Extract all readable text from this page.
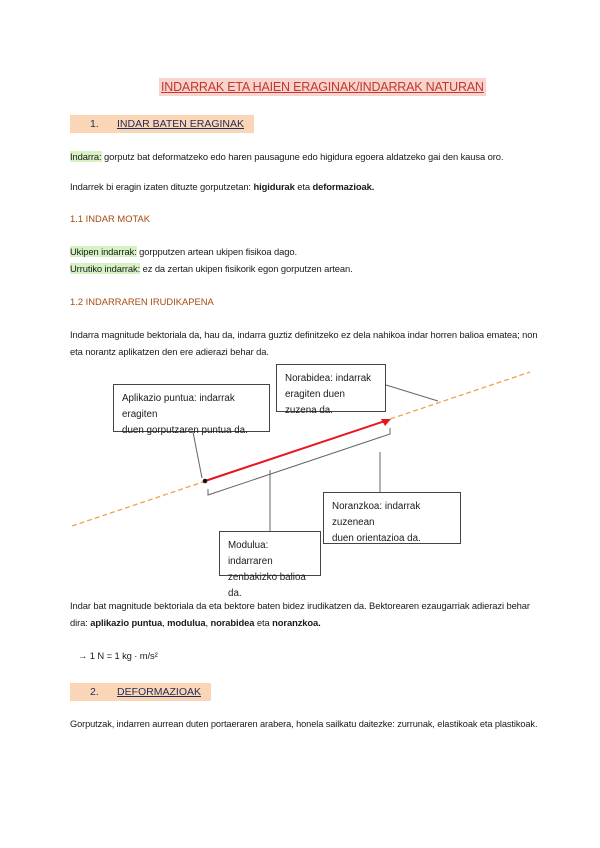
INDARRAK ETA HAIEN ERAGINAK/INDARRAK NATURAN
1. INDAR BATEN ERAGINAK
Indarra: gorputz bat deformatzeko edo haren pausagune edo higidura egoera aldatzeko gai den kausa oro.
Indarrek bi eragin izaten dituzte gorputzetan: higidurak eta deformazioak.
1.1 INDAR MOTAK
Ukipen indarrak: gorpputzen artean ukipen fisikoa dago.
Urrutiko indarrak: ez da zertan ukipen fisikorik egon gorputzen artean.
1.2 INDARRAREN IRUDIKAPENA
Indarra magnitude bektoriala da, hau da, indarra guztiz definitzeko ez dela nahikoa indar horren balioa ematea; non
eta norantz aplikatzen den ere adierazi behar da.
Aplikazio puntua: indarrak eragiten
duen gorputzaren puntua da.
Norabidea: indarrak
eragiten duen zuzena da.
Noranzkoa: indarrak zuzenean
duen orientazioa da.
Modulua: indarraren
zenbakizko balioa da.
Indar bat magnitude bektoriala da eta bektore baten bidez irudikatzen da. Bektorearen ezaugarriak adierazi behar
dira: aplikazio puntua, modulua, norabidea eta noranzkoa.
→ 1 N = 1 kg · m/s²
2. DEFORMAZIOAK
Gorputzak, indarren aurrean duten portaeraren arabera, honela sailkatu daitezke: zurrunak, elastikoak eta plastikoak.
